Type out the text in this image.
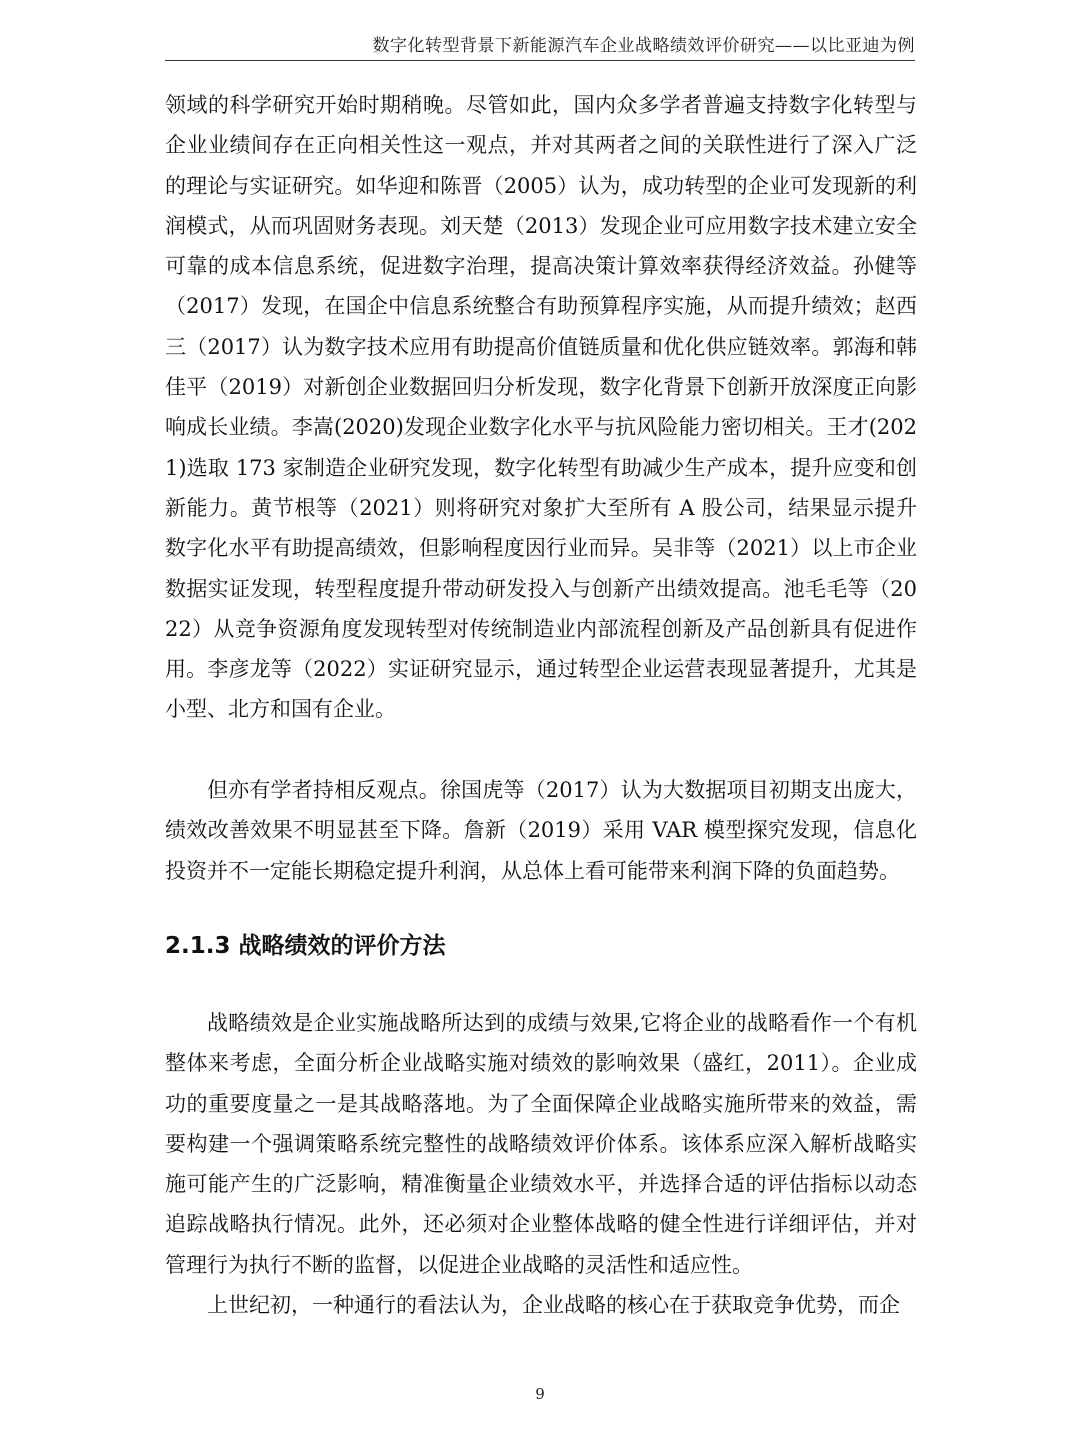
数字化转型背景下新能源汽车企业战略绩效评价研究——以比亚迪为例

领域的科学研究开始时期稍晚。尽管如此，国内众多学者普遍支持数字化转型与企业业绩间存在正向相关性这一观点，并对其两者之间的关联性进行了深入广泛的理论与实证研究。如华迎和陈晋（2005）认为，成功转型的企业可发现新的利润模式，从而巩固财务表现。刘天楚（2013）发现企业可应用数字技术建立安全可靠的成本信息系统，促进数字治理，提高决策计算效率获得经济效益。孙健等（2017）发现，在国企中信息系统整合有助预算程序实施，从而提升绩效；赵西三（2017）认为数字技术应用有助提高价值链质量和优化供应链效率。郭海和韩佳平（2019）对新创企业数据回归分析发现，数字化背景下创新开放深度正向影响成长业绩。李嵩(2020)发现企业数字化水平与抗风险能力密切相关。王才(2021)选取 173 家制造企业研究发现，数字化转型有助减少生产成本，提升应变和创新能力。黄节根等（2021）则将研究对象扩大至所有 A 股公司，结果显示提升数字化水平有助提高绩效，但影响程度因行业而异。吴非等（2021）以上市企业数据实证发现，转型程度提升带动研发投入与创新产出绩效提高。池毛毛等（2022）从竞争资源角度发现转型对传统制造业内部流程创新及产品创新具有促进作用。李彦龙等（2022）实证研究显示，通过转型企业运营表现显著提升，尤其是小型、北方和国有企业。

但亦有学者持相反观点。徐国虎等（2017）认为大数据项目初期支出庞大，绩效改善效果不明显甚至下降。詹新（2019）采用 VAR 模型探究发现，信息化投资并不一定能长期稳定提升利润，从总体上看可能带来利润下降的负面趋势。

2.1.3 战略绩效的评价方法

战略绩效是企业实施战略所达到的成绩与效果,它将企业的战略看作一个有机整体来考虑，全面分析企业战略实施对绩效的影响效果（盛红，2011）。企业成功的重要度量之一是其战略落地。为了全面保障企业战略实施所带来的效益，需要构建一个强调策略系统完整性的战略绩效评价体系。该体系应深入解析战略实施可能产生的广泛影响，精准衡量企业绩效水平，并选择合适的评估指标以动态追踪战略执行情况。此外，还必须对企业整体战略的健全性进行详细评估，并对管理行为执行不断的监督，以促进企业战略的灵活性和适应性。

上世纪初，一种通行的看法认为，企业战略的核心在于获取竞争优势，而企

9
